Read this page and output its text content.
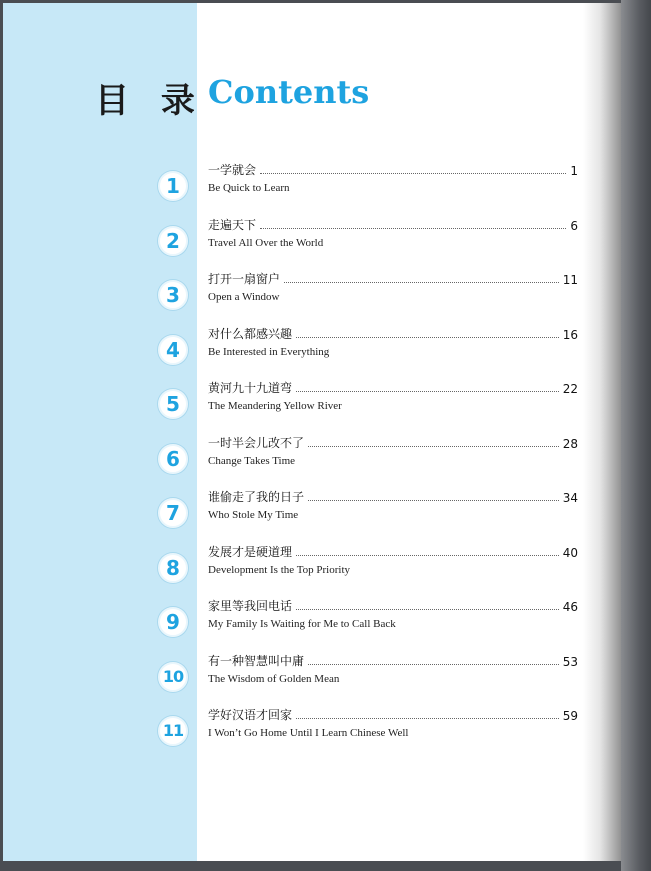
目 录 Contents
1
一学就会	1
Be Quick to Learn
2
走遍天下	6
Travel All Over the World
3
打开一扇窗户	11
Open a Window
4
对什么都感兴趣	16
Be Interested in Everything
5
黄河九十九道弯	22
The Meandering Yellow River
6
一时半会儿改不了	28
Change Takes Time
7
谁偷走了我的日子	34
Who Stole My Time
8
发展才是硬道理	40
Development Is the Top Priority
9
家里等我回电话	46
My Family Is Waiting for Me to Call Back
10
有一种智慧叫中庸	53
The Wisdom of Golden Mean
11
学好汉语才回家	59
I Won’t Go Home Until I Learn Chinese Well
